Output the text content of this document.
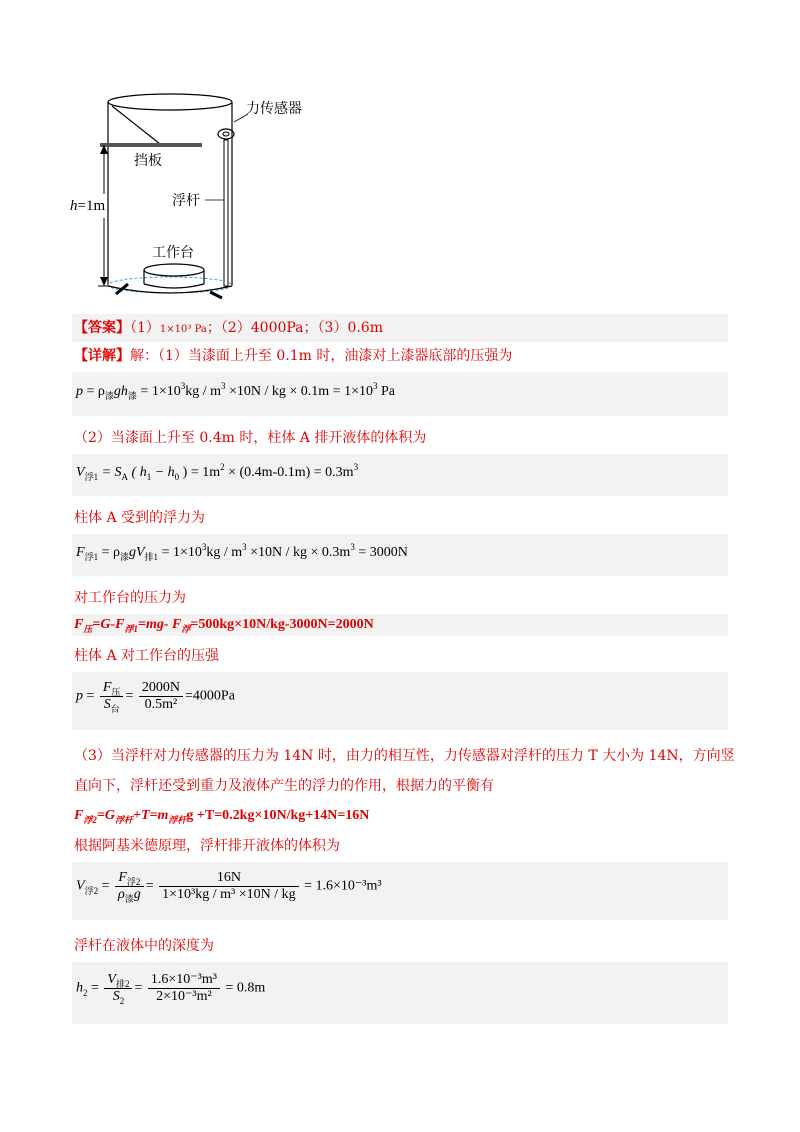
力传感器
挡板
浮杆
工作台
h=1m
【答案】（1）1×10³ Pa；（2）4000Pa；（3）0.6m
【详解】解：（1）当漆面上升至 0.1m 时，油漆对上漆器底部的压强为
$p = \rho_漆gh_漆 = 1\times 10^3kg / m^3 \times 10N$ / kg × $0.1m = 1\times 10^3$ Pa
（2）当漆面上升至 0.4m 时，柱体 A 排开液体的体积为
$V_{浮1} = S_A$ ( $h_1 - h_0$ ) = $1m^2 \times (0.4m-0.1m) = 0.3m^3$
柱体 A 受到的浮力为
$F_{浮1} = \rho_漆gV_{排1} = 1\times 10^3kg / m^3 \times 10N$ / kg × $0.3m^3 = 3000N$
对工作台的压力为
$F_压=G-F_{浮1}=mg-$ $F_浮=500kg\times 10N/kg-3000N=2000N$
柱体 A 对工作台的压强
$p = \frac{F_压}{S_台} = \frac{2000N}{\text{0.5m²}} =4000Pa$
（3）当浮杆对力传感器的压力为 14N 时，由力的相互性，力传感器对浮杆的压力 T 大小为 14N，方向竖
直向下，浮杆还受到重力及液体产生的浮力的作用，根据力的平衡有
$F_{浮2}=G_{浮杆}+T=m_{浮杆}g +T=0.2kg\times 10N/kg+14N=16N$
根据阿基米德原理，浮杆排开液体的体积为
$V_{浮2} = \frac{F_{浮2}}{\rho_漆g} = \frac{16N}{\text{1×10³kg / m³ ×10N / kg}} = 1.6\times 10^{-3}m^3$
浮杆在液体中的深度为
$h_2 = \frac{V_{排2}}{S_2} = \frac{\text{1.6×10⁻³m³}}{\text{2×10⁻³m²}} = 0.8m$
